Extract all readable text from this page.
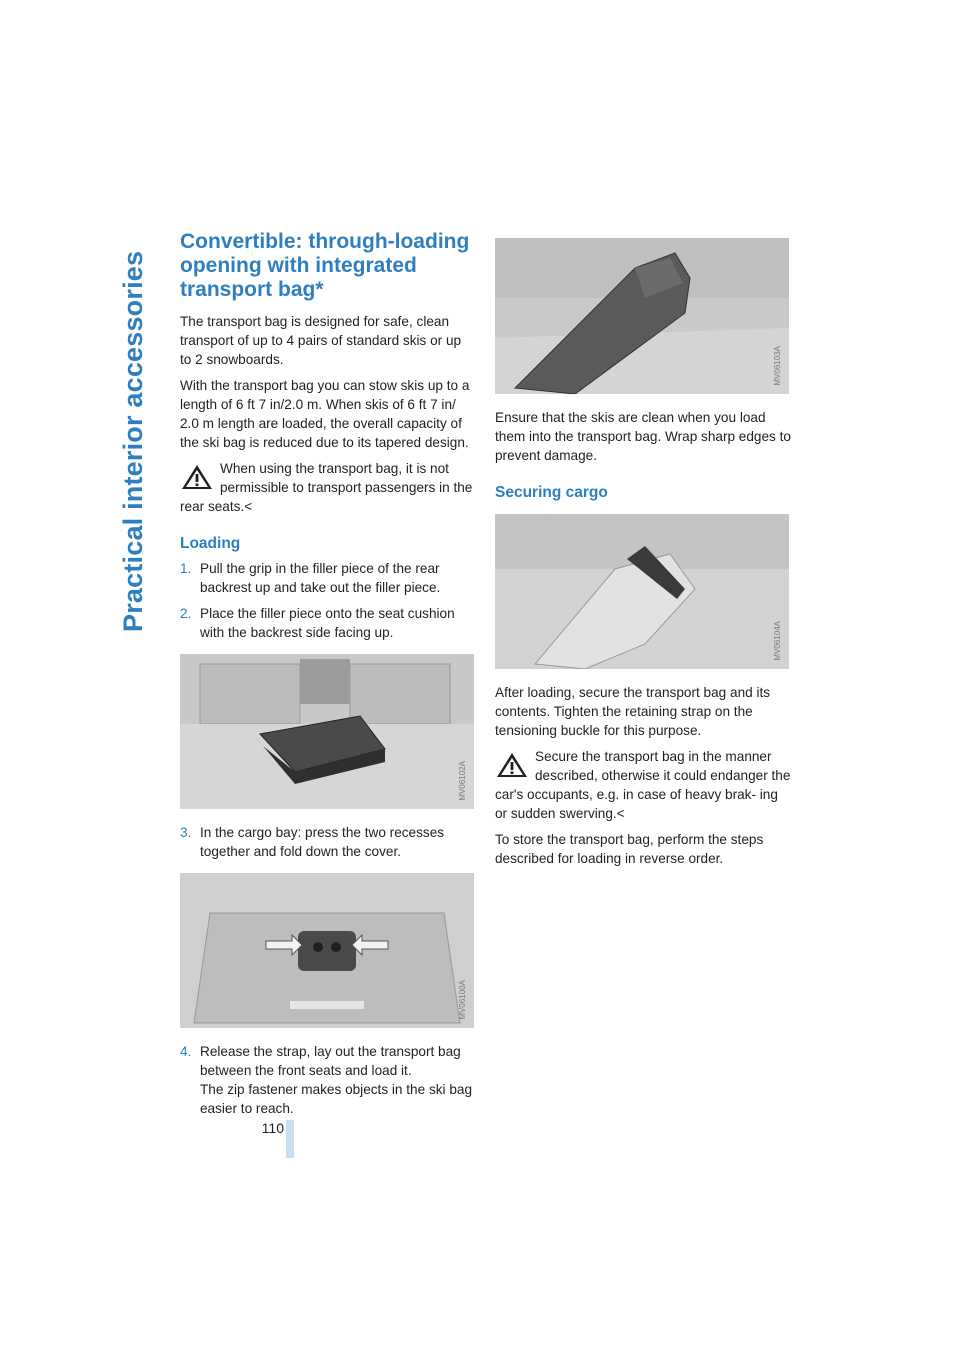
Practical interior accessories
Convertible: through-loading opening with integrated transport bag*

The transport bag is designed for safe, clean transport of up to 4 pairs of standard skis or up to 2 snowboards.

With the transport bag you can stow skis up to a length of 6 ft 7 in/2.0 m. When skis of 6 ft 7 in/ 2.0 m length are loaded, the overall capacity of the ski bag is reduced due to its tapered design.

When using the transport bag, it is not permissible to transport passengers in the rear seats.<
Loading
1. Pull the grip in the filler piece of the rear backrest up and take out the filler piece.
2. Place the filler piece onto the seat cushion with the backrest side facing up.
MV06102A
3. In the cargo bay: press the two recesses together and fold down the cover.
MV06100A
4. Release the strap, lay out the transport bag between the front seats and load it.
The zip fastener makes objects in the ski bag easier to reach.
MV06103A

Ensure that the skis are clean when you load them into the transport bag. Wrap sharp edges to prevent damage.

Securing cargo
MV06104A

After loading, secure the transport bag and its contents. Tighten the retaining strap on the tensioning buckle for this purpose.

Secure the transport bag in the manner described, otherwise it could endanger the car's occupants, e.g. in case of heavy brak- ing or sudden swerving.<

To store the transport bag, perform the steps described for loading in reverse order.

110
